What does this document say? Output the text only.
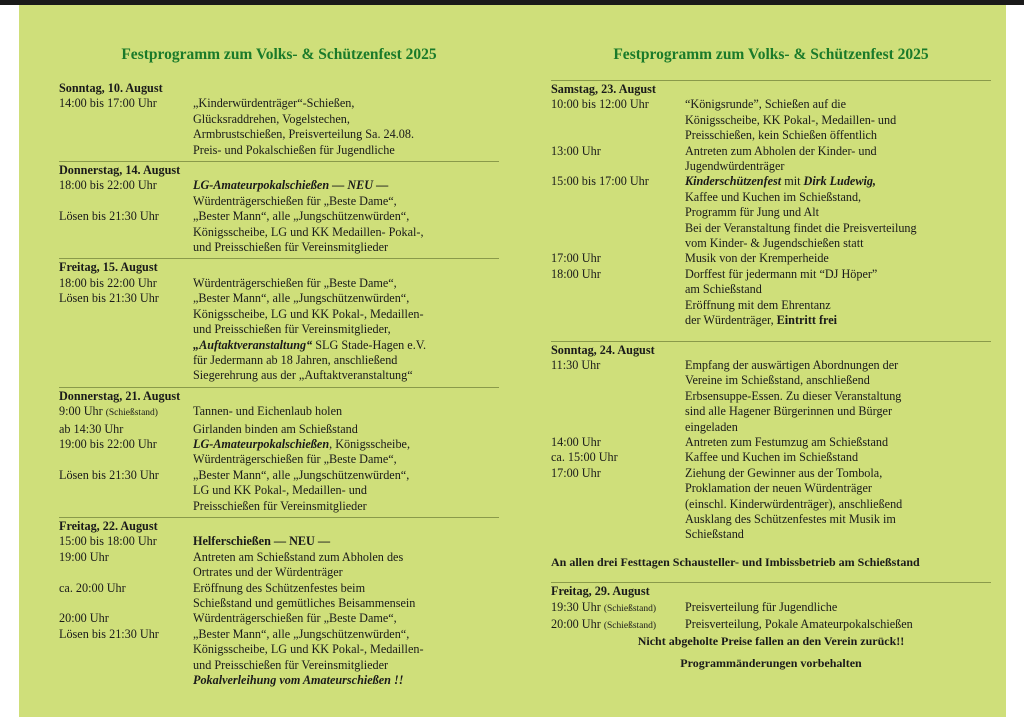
Festprogramm zum Volks- & Schützenfest 2025
Sonntag, 10. August
14:00 bis 17:00 Uhr	„Kinderwürdenträger“-Schießen,
Glücksraddrehen, Vogelstechen,
Armbrustschießen, Preisverteilung Sa. 24.08.
Preis- und Pokalschießen für Jugendliche
Donnerstag, 14. August
18:00 bis 22:00 Uhr	LG-Amateurpokalschießen — NEU —
Würdenträgerschießen für „Beste Dame“,
Lösen bis 21:30 Uhr	„Bester Mann“, alle „Jungschützenwürden“,
Königsscheibe, LG und KK Medaillen- Pokal-,
und Preisschießen für Vereinsmitglieder
Freitag, 15. August
18:00 bis 22:00 Uhr	Würdenträgerschießen für „Beste Dame“,
Lösen bis 21:30 Uhr	„Bester Mann“, alle „Jungschützenwürden“,
Königsscheibe, LG und KK Pokal-, Medaillen-
und Preisschießen für Vereinsmitglieder,
„Auftaktveranstaltung“ SLG Stade-Hagen e.V.
für Jedermann ab 18 Jahren, anschließend
Siegerehrung aus der „Auftaktveranstaltung“
Donnerstag, 21. August
9:00 Uhr (Schießstand)	Tannen- und Eichenlaub holen
ab 14:30 Uhr	Girlanden binden am Schießstand
19:00 bis 22:00 Uhr	LG-Amateurpokalschießen, Königsscheibe,
Würdenträgerschießen für „Beste Dame“,
Lösen bis 21:30 Uhr	„Bester Mann“, alle „Jungschützenwürden“,
LG und KK Pokal-, Medaillen- und
Preisschießen für Vereinsmitglieder
Freitag, 22. August
15:00 bis 18:00 Uhr	Helferschießen — NEU —
19:00 Uhr	Antreten am Schießstand zum Abholen des
Ortrates und der Würdenträger
ca. 20:00 Uhr	Eröffnung des Schützenfestes beim
Schießstand und gemütliches Beisammensein
20:00 Uhr	Würdenträgerschießen für „Beste Dame“,
Lösen bis 21:30 Uhr	„Bester Mann“, alle „Jungschützenwürden“,
Königsscheibe, LG und KK Pokal-, Medaillen-
und Preisschießen für Vereinsmitglieder
Pokalverleihung vom Amateurschießen !!
Festprogramm zum Volks- & Schützenfest 2025
Samstag, 23. August
10:00 bis 12:00 Uhr	“Königsrunde”, Schießen auf die
Königsscheibe, KK Pokal-, Medaillen- und
Preisschießen, kein Schießen öffentlich
13:00 Uhr	Antreten zum Abholen der Kinder- und
Jugendwürdenträger
15:00 bis 17:00 Uhr	Kinderschützenfest mit Dirk Ludewig,
Kaffee und Kuchen im Schießstand,
Programm für Jung und Alt
Bei der Veranstaltung findet die Preisverteilung
vom Kinder- & Jugendschießen statt
17:00 Uhr	Musik von der Kremperheide
18:00 Uhr	Dorffest für jedermann mit “DJ Höper”
am Schießstand
Eröffnung mit dem Ehrentanz
der Würdenträger, Eintritt frei
Sonntag, 24. August
11:30 Uhr	Empfang der auswärtigen Abordnungen der
Vereine im Schießstand, anschließend
Erbsensuppe-Essen. Zu dieser Veranstaltung
sind alle Hagener Bürgerinnen und Bürger
eingeladen
14:00 Uhr	Antreten zum Festumzug am Schießstand
ca. 15:00 Uhr	Kaffee und Kuchen im Schießstand
17:00 Uhr	Ziehung der Gewinner aus der Tombola,
Proklamation der neuen Würdenträger
(einschl. Kinderwürdenträger), anschließend
Ausklang des Schützenfestes mit Musik im
Schießstand
An allen drei Festtagen Schausteller- und Imbissbetrieb am Schießstand
Freitag, 29. August
19:30 Uhr (Schießstand)	Preisverteilung für Jugendliche
20:00 Uhr (Schießstand)	Preisverteilung, Pokale Amateurpokalschießen
Nicht abgeholte Preise fallen an den Verein zurück!!
Programmänderungen vorbehalten
